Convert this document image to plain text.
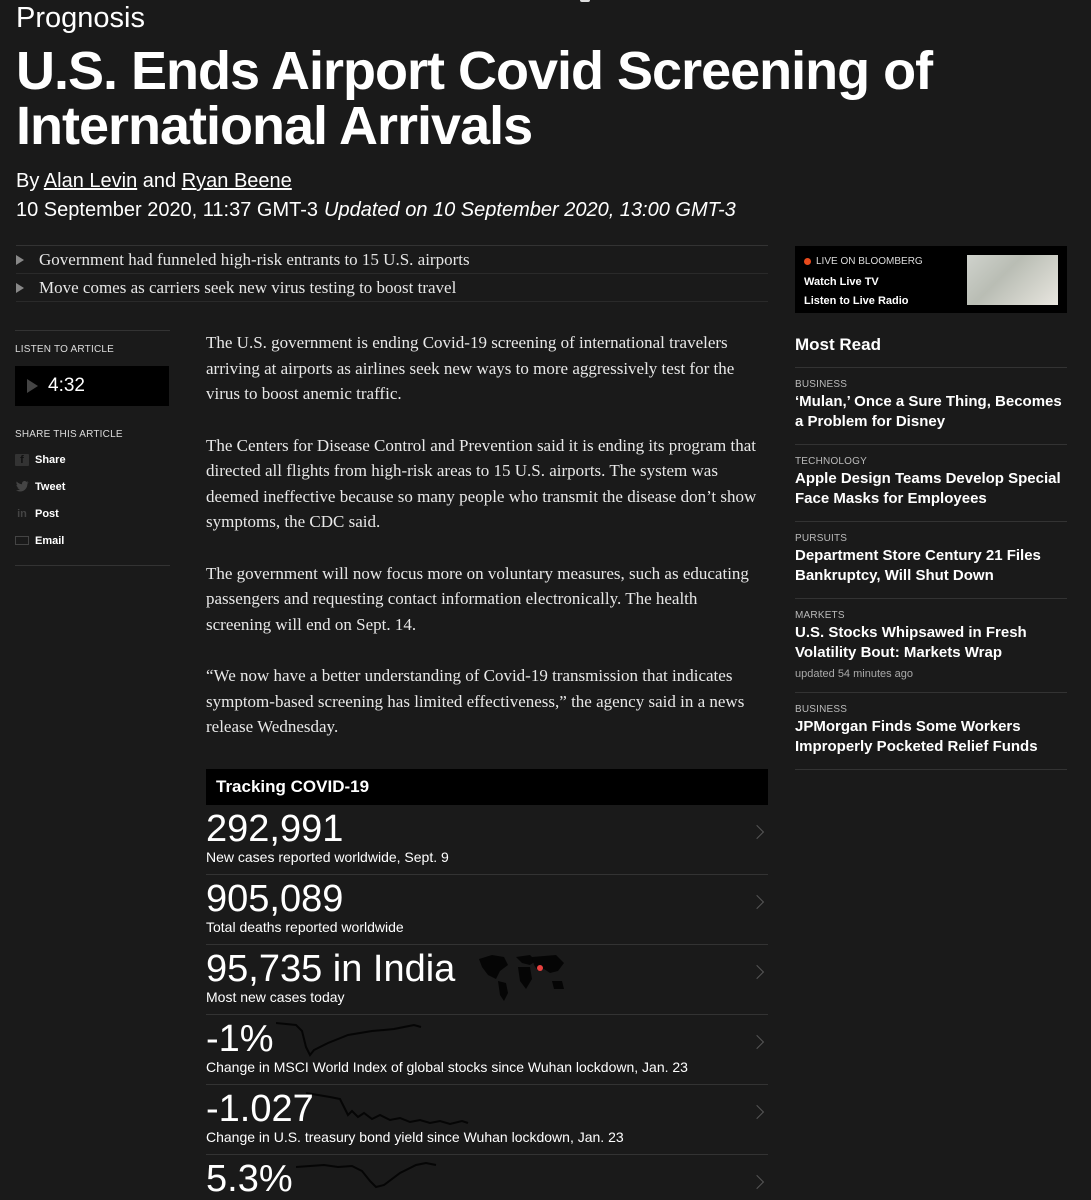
Prognosis
U.S. Ends Airport Covid Screening of International Arrivals
By Alan Levin and Ryan Beene
10 September 2020, 11:37 GMT-3 Updated on 10 September 2020, 13:00 GMT-3
Government had funneled high-risk entrants to 15 U.S. airports
Move comes as carriers seek new virus testing to boost travel
LISTEN TO ARTICLE
4:32
SHARE THIS ARTICLE
f	Share
Tweet
in Post
Email

The U.S. government is ending Covid-19 screening of international travelers arriving at airports as airlines seek new ways to more aggressively test for the virus to boost anemic traffic.

The Centers for Disease Control and Prevention said it is ending its program that directed all flights from high-risk areas to 15 U.S. airports. The system was deemed ineffective because so many people who transmit the disease don’t show symptoms, the CDC said.

The government will now focus more on voluntary measures, such as educating passengers and requesting contact information electronically. The health screening will end on Sept. 14.

“We now have a better understanding of Covid-19 transmission that indicates symptom-based screening has limited effectiveness,” the agency said in a news release Wednesday.

Tracking COVID-19
292,991
New cases reported worldwide, Sept. 9
905,089
Total deaths reported worldwide
95,735 in India
Most new cases today
-1%
Change in MSCI World Index of global stocks since Wuhan lockdown, Jan. 23
-1.027
Change in U.S. treasury bond yield since Wuhan lockdown, Jan. 23
5.3%
LIVE ON BLOOMBERG
Watch Live TV
Listen to Live Radio
Most Read
BUSINESS
‘Mulan,’ Once a Sure Thing, Becomes a Problem for Disney
TECHNOLOGY
Apple Design Teams Develop Special Face Masks for Employees
PURSUITS
Department Store Century 21 Files Bankruptcy, Will Shut Down
MARKETS
U.S. Stocks Whipsawed in Fresh Volatility Bout: Markets Wrap
updated 54 minutes ago
BUSINESS
JPMorgan Finds Some Workers Improperly Pocketed Relief Funds
